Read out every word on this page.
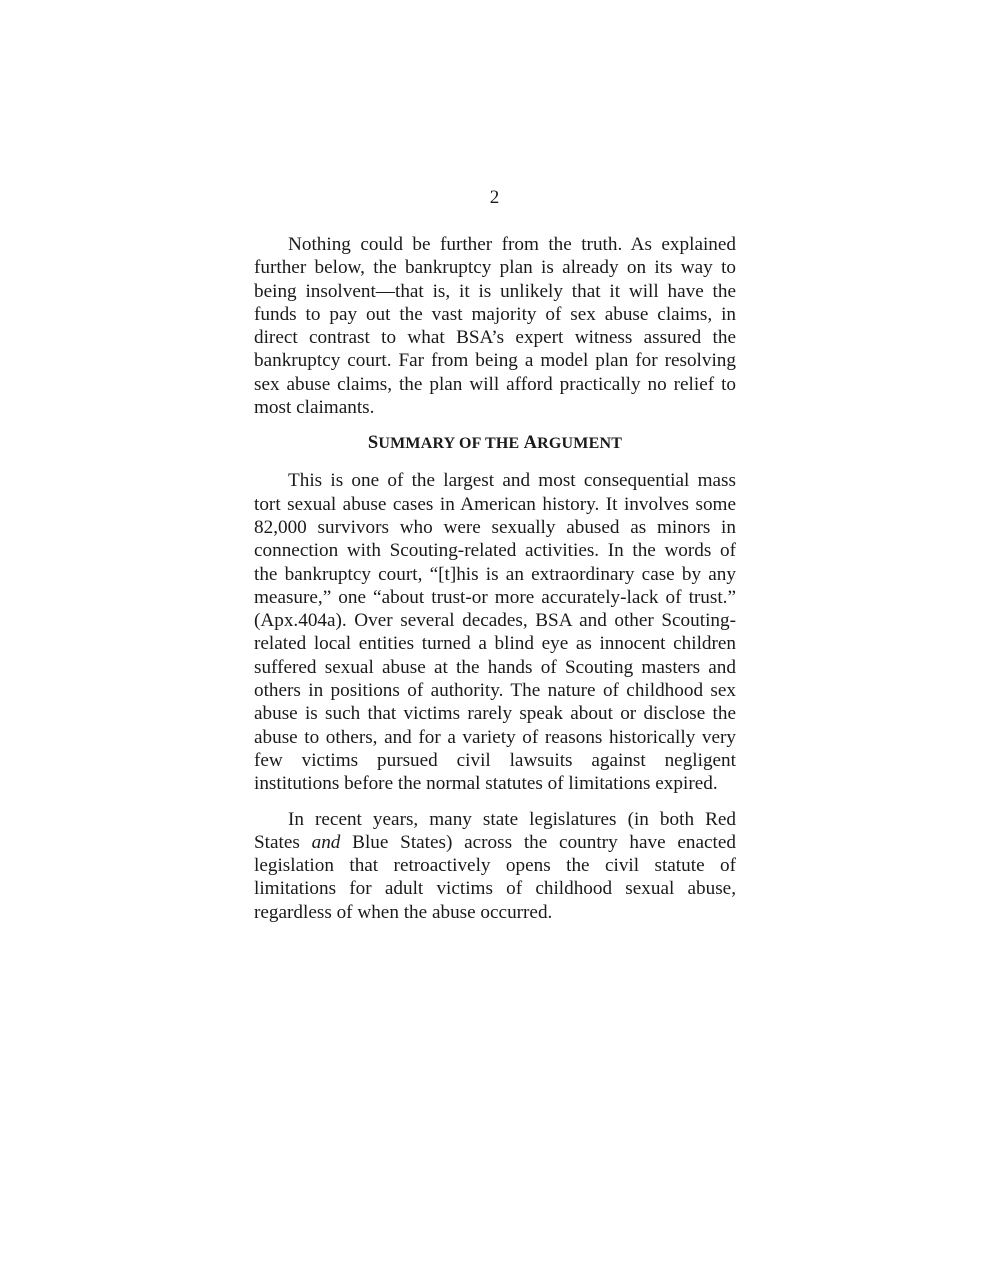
2

Nothing could be further from the truth. As explained further below, the bankruptcy plan is already on its way to being insolvent—that is, it is unlikely that it will have the funds to pay out the vast majority of sex abuse claims, in direct contrast to what BSA’s expert witness assured the bankruptcy court. Far from being a model plan for resolving sex abuse claims, the plan will afford practically no relief to most claimants.

SUMMARY OF THE ARGUMENT

This is one of the largest and most consequential mass tort sexual abuse cases in American history. It involves some 82,000 survivors who were sexually abused as minors in connection with Scouting-related activities. In the words of the bankruptcy court, “[t]his is an extraordinary case by any measure,” one “about trust-or more accurately-lack of trust.” (Apx.404a). Over several decades, BSA and other Scouting-related local entities turned a blind eye as innocent children suffered sexual abuse at the hands of Scouting masters and others in positions of authority. The nature of childhood sex abuse is such that victims rarely speak about or disclose the abuse to others, and for a variety of reasons historically very few victims pursued civil lawsuits against negligent institutions before the normal statutes of limitations expired.

In recent years, many state legislatures (in both Red States and Blue States) across the country have enacted legislation that retroactively opens the civil statute of limitations for adult victims of childhood sexual abuse, regardless of when the abuse occurred.
